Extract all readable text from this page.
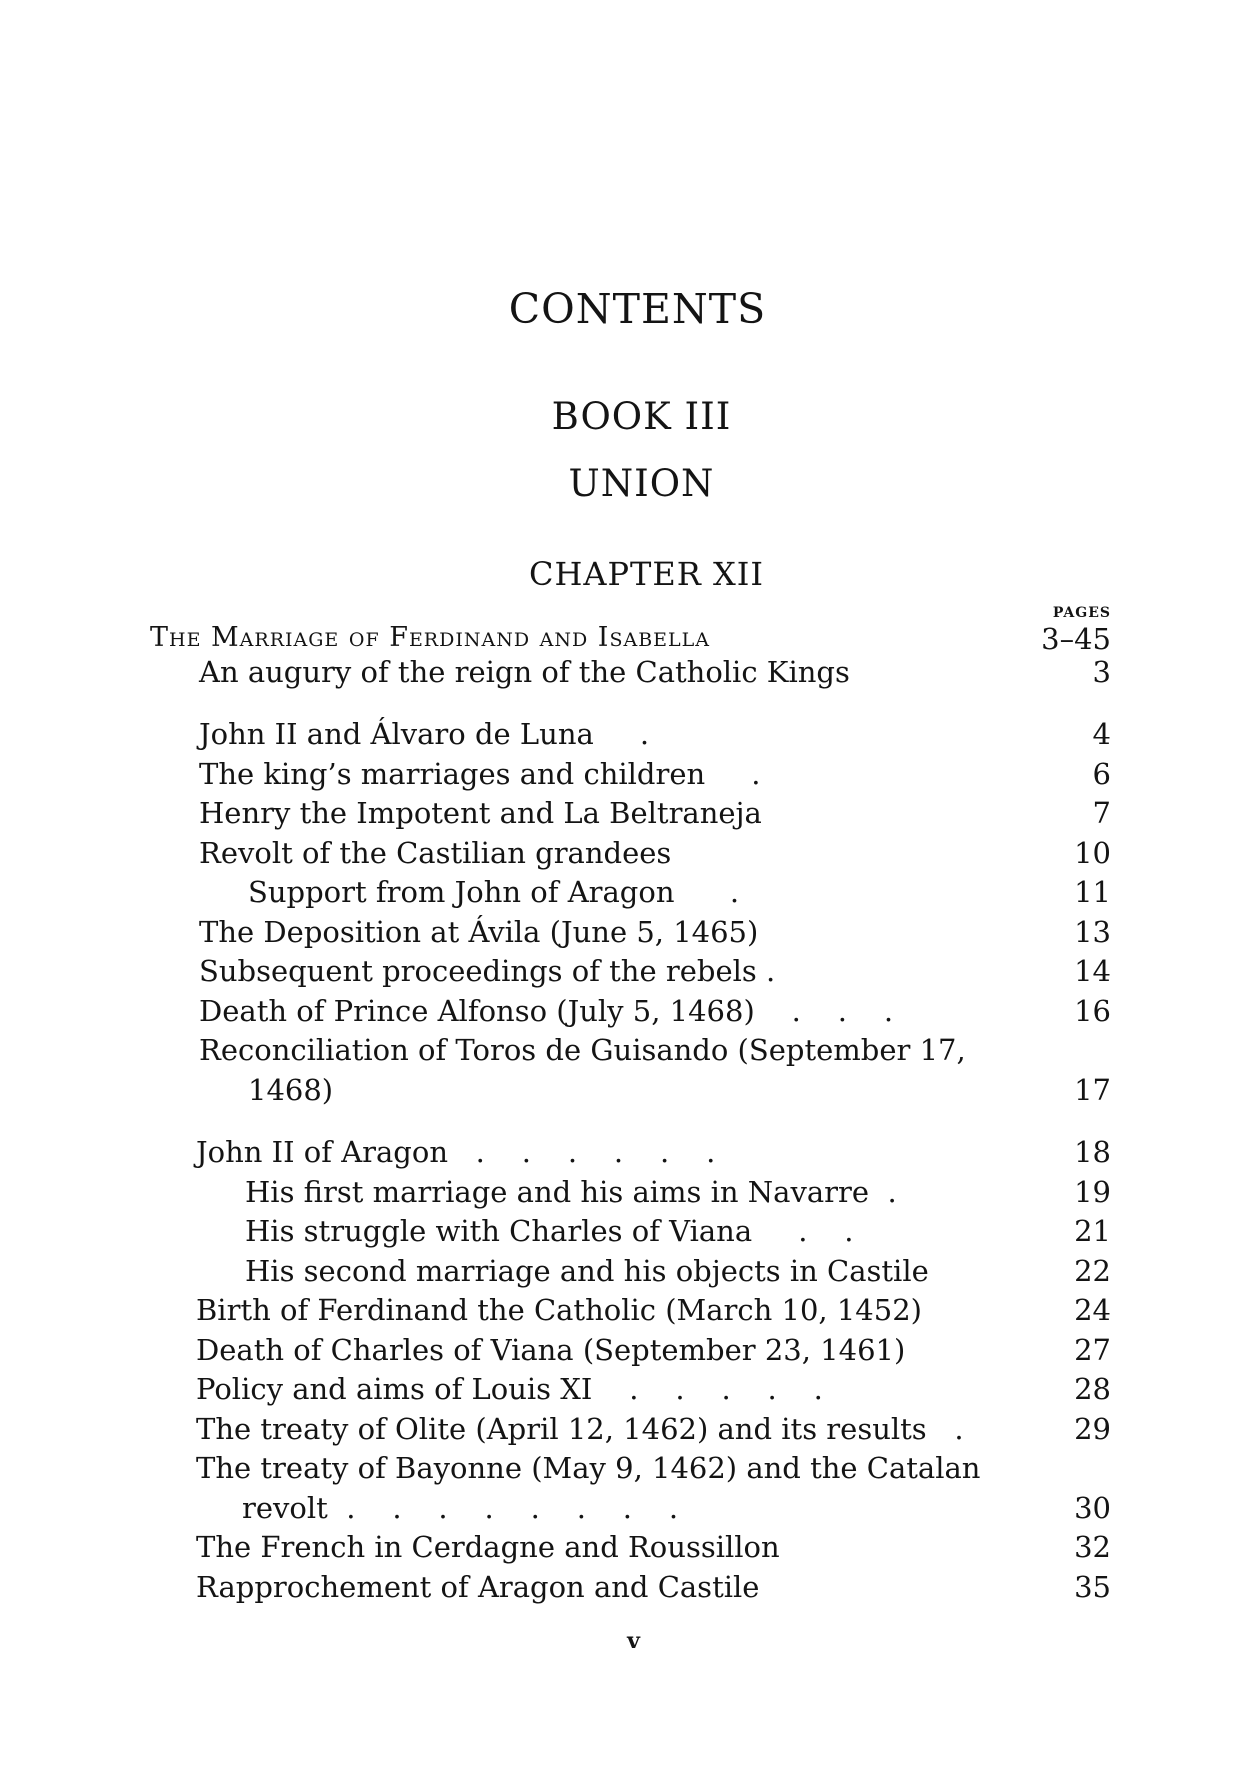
CONTENTS
BOOK III
UNION
CHAPTER XII
PAGES
The Marriage of Ferdinand and Isabella	3–45
An augury of the reign of the Catholic Kings	3
John II and Álvaro de Luna     .	4
The king’s marriages and children     .	6
Henry the Impotent and La Beltraneja	7
Revolt of the Castilian grandees	10
Support from John of Aragon      .	11
The Deposition at Ávila (June 5, 1465)	13
Subsequent proceedings of the rebels .	14
Death of Prince Alfonso (July 5, 1468)    .    .    .	16
Reconciliation of Toros de Guisando (September 17,
1468)	17
John II of Aragon   .    .    .    .    .    .	18
His first marriage and his aims in Navarre  .	19
His struggle with Charles of Viana     .    .	21
His second marriage and his objects in Castile	22
Birth of Ferdinand the Catholic (March 10, 1452)	24
Death of Charles of Viana (September 23, 1461)	27
Policy and aims of Louis XI    .    .    .    .    .	28
The treaty of Olite (April 12, 1462) and its results   .	29
The treaty of Bayonne (May 9, 1462) and the Catalan
revolt  .    .    .    .    .    .    .    .	30
The French in Cerdagne and Roussillon	32
Rapprochement of Aragon and Castile	35
v
